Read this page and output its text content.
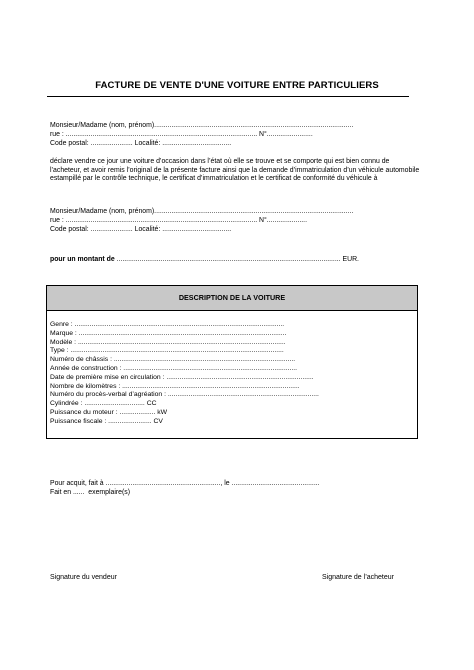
FACTURE DE VENTE D'UNE VOITURE ENTRE PARTICULIERS
Monsieur/Madame (nom, prénom)........................................................................................................
rue : .................................................................................................... N°........................
Code postal: ...................... Localité: ....................................
déclare vendre ce jour une voiture d’occasion dans l’état où elle se trouve et se comporte qui est bien connu de l’acheteur, et avoir remis l’original de la présente facture ainsi que la demande d’immatriculation d’un véhicule automobile estampillé par le contrôle technique, le certificat d’immatriculation et le certificat de conformité du véhicule à
Monsieur/Madame (nom, prénom)........................................................................................................
rue : .................................................................................................... N°.....................
Code postal: ...................... Localité: ....................................
pour un montant de ..................................................................................................................... EUR.
DESCRIPTION DE LA VOITURE
Genre : ...............................................................................................................
Marque : ..............................................................................................................
Modèle : ..............................................................................................................
Type : .................................................................................................................
Numéro de châssis : ................................................................................................
Année de construction : ............................................................................................
Date de première mise en circulation : ..............................................................................
Nombre de kilomètres : ..............................................................................................
Numéro du procès-verbal d’agréation : ................................................................................
Cylindrée : ................................ CC
Puissance du moteur : ................... kW
Puissance fiscale : ....................... CV
Pour acquit, fait à ............................................................, le ..............................................
Fait en ......  exemplaire(s)
Signature du vendeur	Signature de l’acheteur
